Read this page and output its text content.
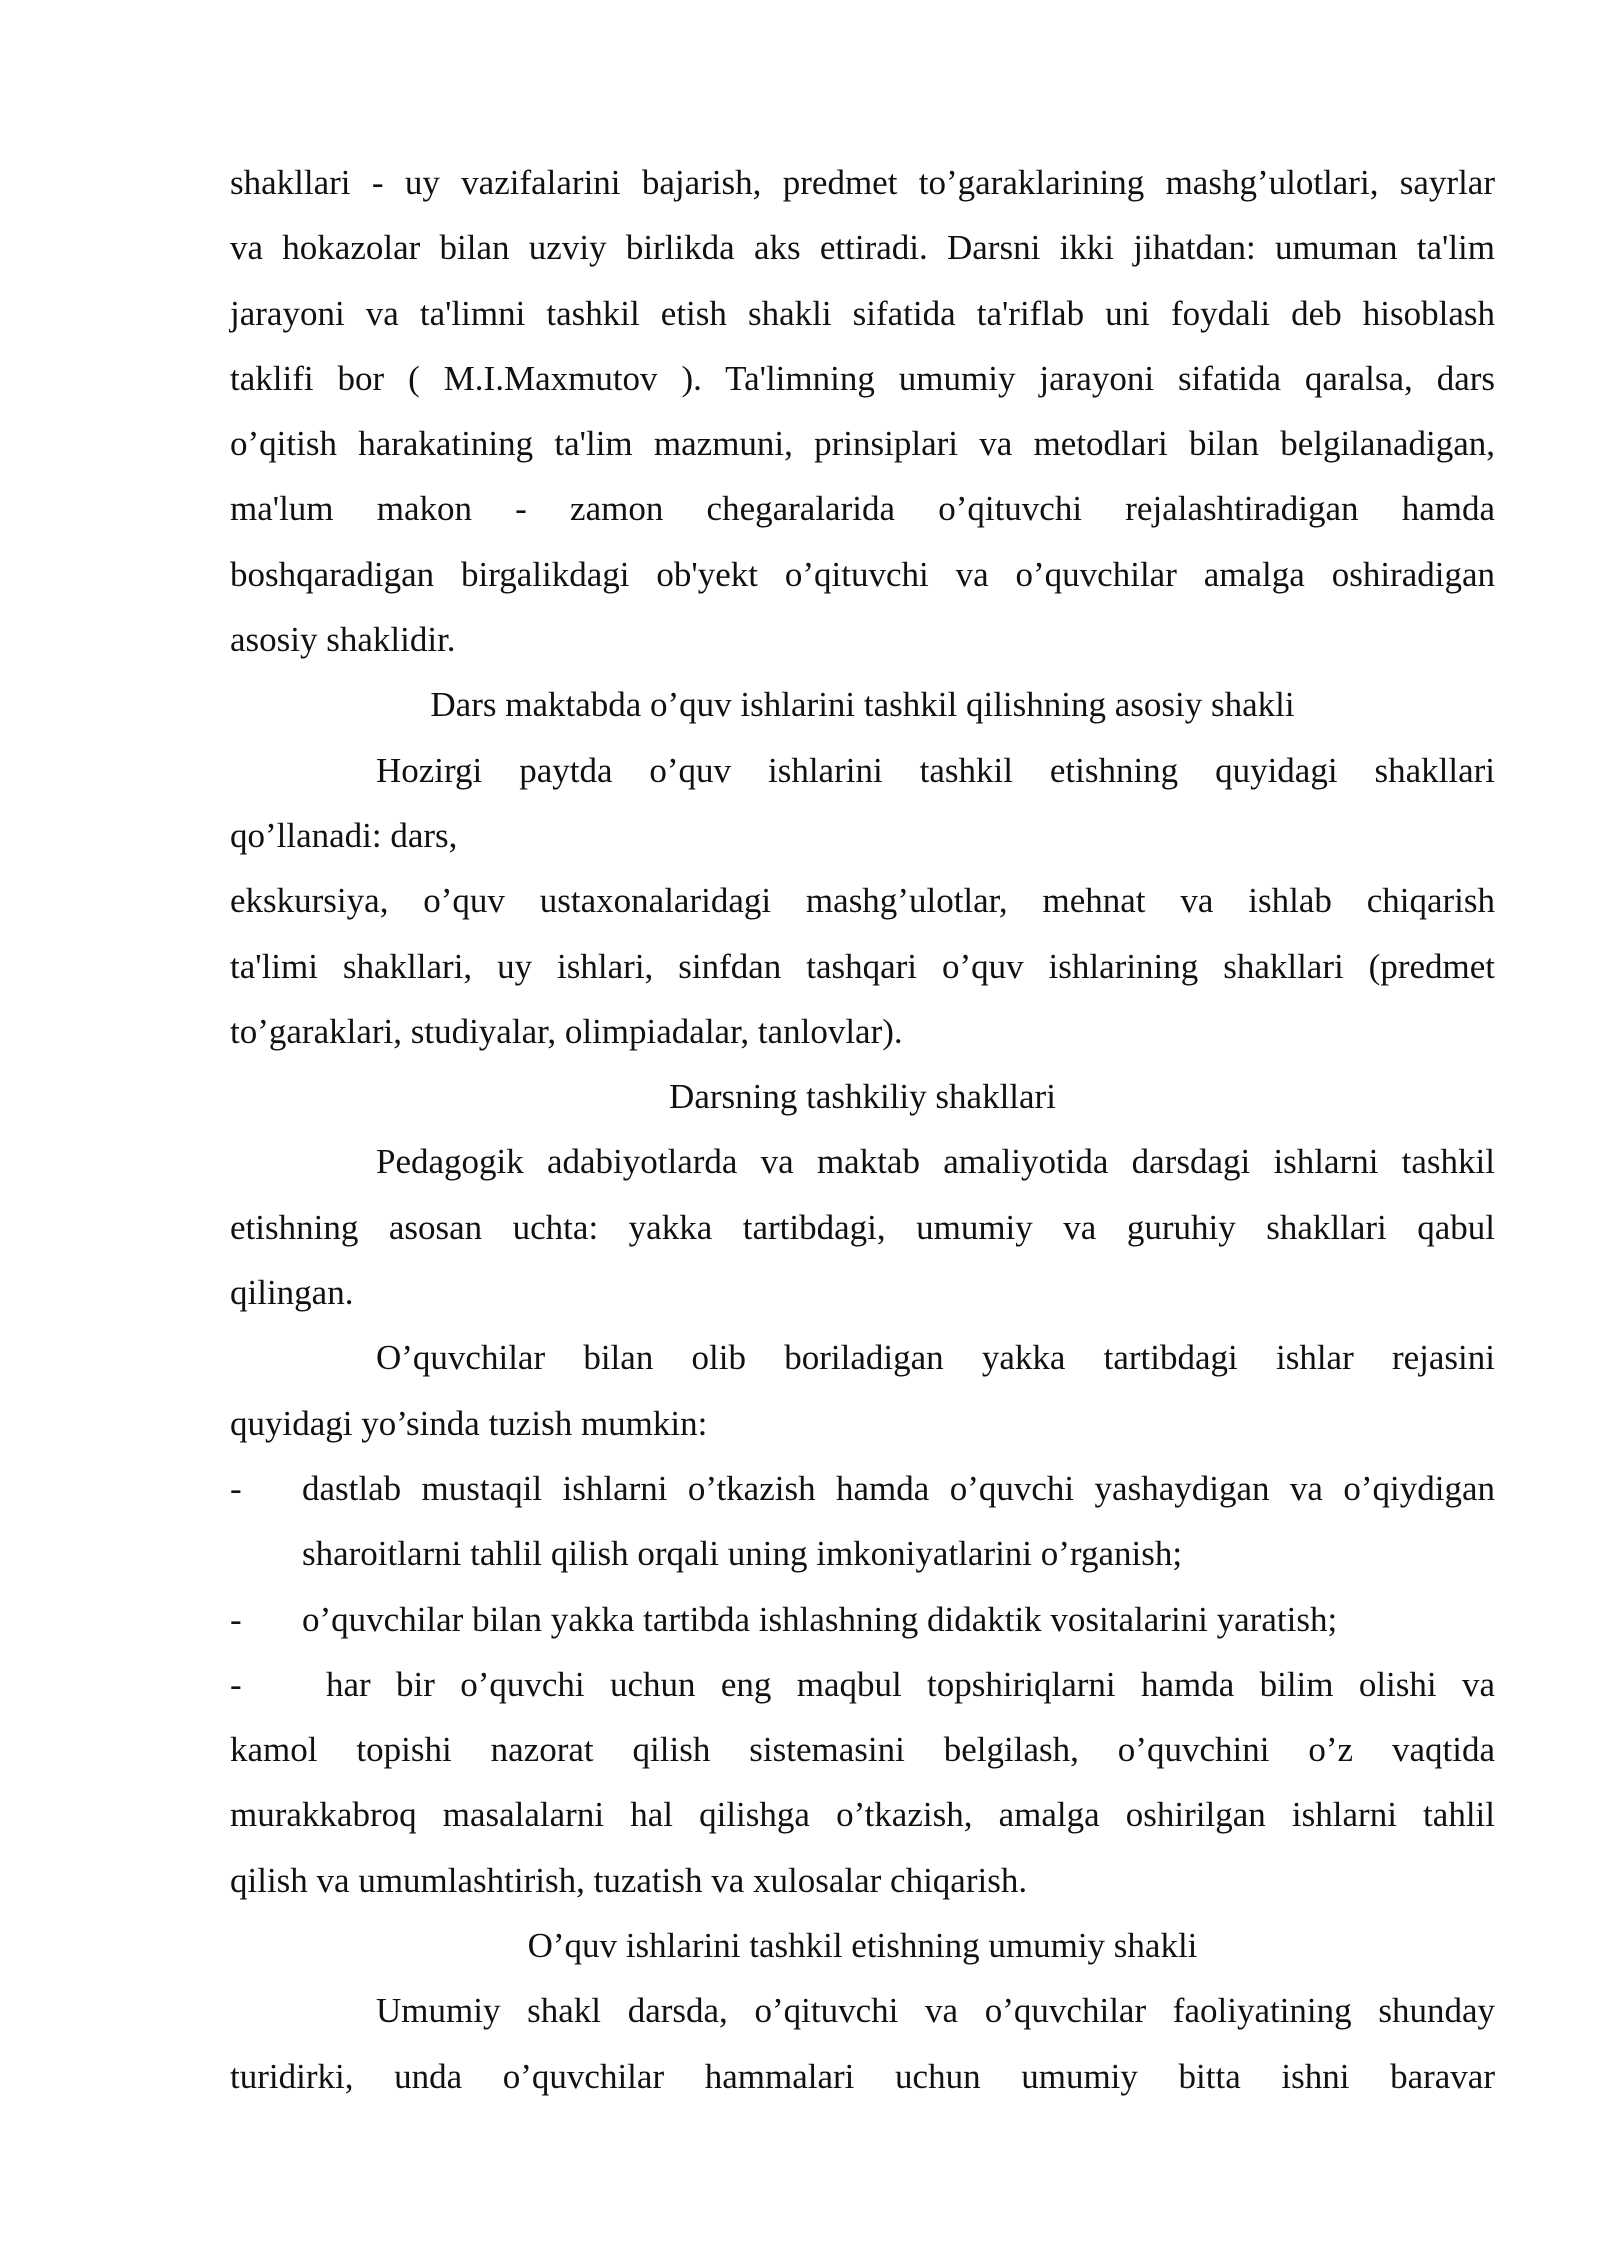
shakllari - uy vazifalarini bajarish, predmet to’garaklarining mashg’ulotlari, sayrlar
va hokazolar bilan uzviy birlikda aks ettiradi. Darsni ikki jihatdan: umuman ta'lim
jarayoni va ta'limni tashkil etish shakli sifatida ta'riflab uni foydali deb hisoblash
taklifi bor ( M.I.Maxmutov ). Ta'limning umumiy jarayoni sifatida qaralsa, dars
o’qitish harakatining ta'lim mazmuni, prinsiplari va metodlari bilan belgilanadigan,
ma'lum makon - zamon chegaralarida o’qituvchi rejalashtiradigan hamda
boshqaradigan birgalikdagi ob'yekt o’qituvchi va o’quvchilar amalga oshiradigan
asosiy shaklidir.
Dars maktabda o’quv ishlarini tashkil qilishning asosiy shakli
Hozirgi paytda o’quv ishlarini tashkil etishning quyidagi shakllari
qo’llanadi: dars,
ekskursiya, o’quv ustaxonalaridagi mashg’ulotlar, mehnat va ishlab chiqarish
ta'limi shakllari, uy ishlari, sinfdan tashqari o’quv ishlarining shakllari (predmet
to’garaklari, studiyalar, olimpiadalar, tanlovlar).
Darsning tashkiliy shakllari
Pedagogik adabiyotlarda va maktab amaliyotida darsdagi ishlarni tashkil
etishning asosan uchta: yakka tartibdagi, umumiy va guruhiy shakllari qabul
qilingan.
O’quvchilar bilan olib boriladigan yakka tartibdagi ishlar rejasini
quyidagi yo’sinda tuzish mumkin:
- dastlab mustaqil ishlarni o’tkazish hamda o’quvchi yashaydigan va o’qiydigan
sharoitlarni tahlil qilish orqali uning imkoniyatlarini o’rganish;
- o’quvchilar bilan yakka tartibda ishlashning didaktik vositalarini yaratish;
- har bir o’quvchi uchun eng maqbul topshiriqlarni hamda bilim olishi va
kamol topishi nazorat qilish sistemasini belgilash, o’quvchini o’z vaqtida
murakkabroq masalalarni hal qilishga o’tkazish, amalga oshirilgan ishlarni tahlil
qilish va umumlashtirish, tuzatish va xulosalar chiqarish.
O’quv ishlarini tashkil etishning umumiy shakli
Umumiy shakl darsda, o’qituvchi va o’quvchilar faoliyatining shunday
turidirki, unda o’quvchilar hammalari uchun umumiy bitta ishni baravar
